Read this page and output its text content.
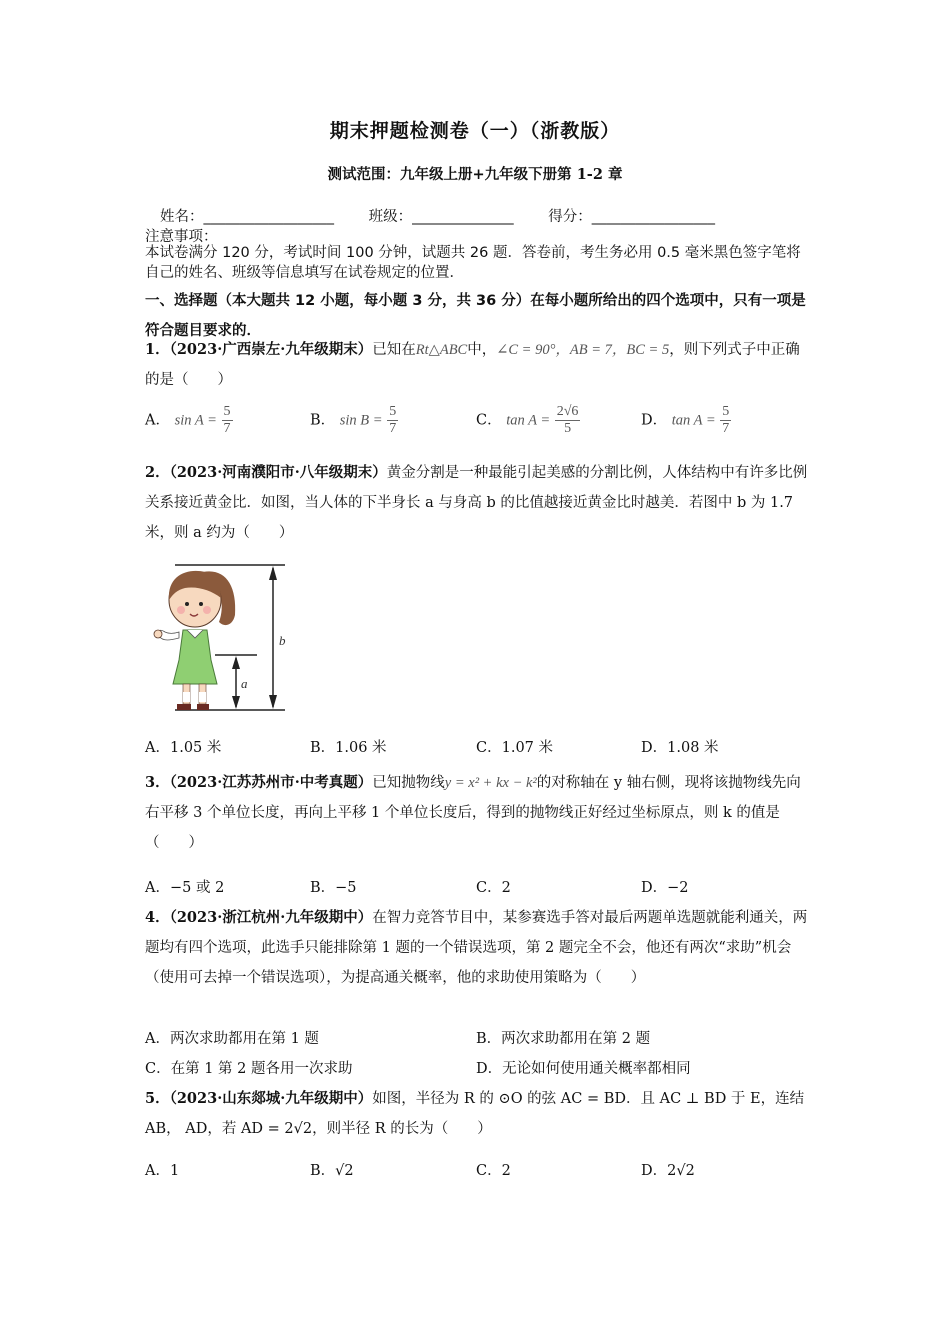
期末押题检测卷（一）（浙教版）
测试范围：九年级上册+九年级下册第 1-2 章
姓名：__________________ 班级：______________ 得分：_________________
注意事项：
本试卷满分 120 分，考试时间 100 分钟，试题共 26 题．答卷前，考生务必用 0.5 毫米黑色签字笔将自己的姓名、班级等信息填写在试卷规定的位置．
一、选择题（本大题共 12 小题，每小题 3 分，共 36 分）在每小题所给出的四个选项中，只有一项是符合题目要求的．
1．（2023·广西崇左·九年级期末）已知在Rt△ABC中，∠C = 90°，AB = 7，BC = 5，则下列式子中正确的是（　　）
A． $\sin A = \frac{5}{7}$	B． $\sin B = \frac{5}{7}$	C． $\tan A = \frac{2√6}{5}$	D． $\tan A = \frac{5}{7}$
2．（2023·河南濮阳市·八年级期末）黄金分割是一种最能引起美感的分割比例，人体结构中有许多比例关系接近黄金比．如图，当人体的下半身长 a 与身高 b 的比值越接近黄金比时越美．若图中 b 为 1.7 米，则 a 约为（　　）
b
a
A．1.05 米	B．1.06 米	C．1.07 米	D．1.08 米
3．（2023·江苏苏州市·中考真题）已知抛物线y = x² + kx − k²的对称轴在 y 轴右侧，现将该抛物线先向右平移 3 个单位长度，再向上平移 1 个单位长度后，得到的抛物线正好经过坐标原点，则 k 的值是（　　）
A．−5 或 2	B．−5	C．2	D．−2
4．（2023·浙江杭州·九年级期中）在智力竞答节目中，某参赛选手答对最后两题单选题就能利通关，两题均有四个选项，此选手只能排除第 1 题的一个错误选项，第 2 题完全不会，他还有两次“求助”机会（使用可去掉一个错误选项），为提高通关概率，他的求助使用策略为（　　）
A．两次求助都用在第 1 题	B．两次求助都用在第 2 题
C．在第 1 第 2 题各用一次求助	D．无论如何使用通关概率都相同
5．（2023·山东郯城·九年级期中）如图，半径为 R 的 ⊙O 的弦 AC = BD．且 AC ⊥ BD 于 E，连结 AB， AD，若 AD = 2√2，则半径 R 的长为（　　）
A．1	B．√2	C．2	D．2√2
